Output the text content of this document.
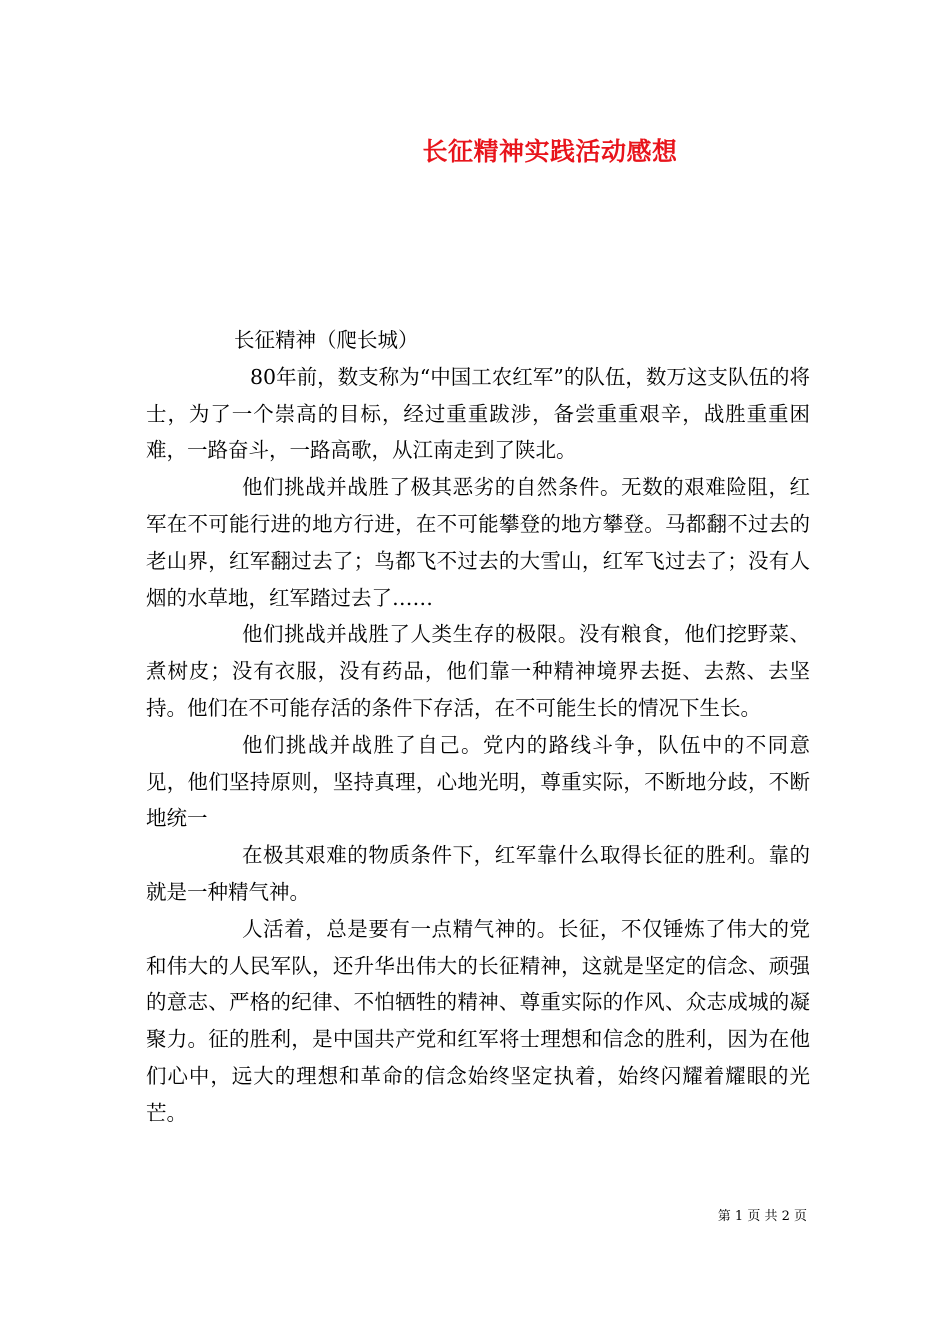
长征精神实践活动感想

长征精神（爬长城）

80年前，数支称为“中国工农红军”的队伍，数万这支队伍的将士，为了一个崇高的目标，经过重重跋涉，备尝重重艰辛，战胜重重困难，一路奋斗，一路高歌，从江南走到了陕北。

他们挑战并战胜了极其恶劣的自然条件。无数的艰难险阻，红军在不可能行进的地方行进，在不可能攀登的地方攀登。马都翻不过去的老山界，红军翻过去了；鸟都飞不过去的大雪山，红军飞过去了；没有人烟的水草地，红军踏过去了……

他们挑战并战胜了人类生存的极限。没有粮食，他们挖野菜、煮树皮；没有衣服，没有药品，他们靠一种精神境界去挺、去熬、去坚持。他们在不可能存活的条件下存活，在不可能生长的情况下生长。

他们挑战并战胜了自己。党内的路线斗争，队伍中的不同意见，他们坚持原则，坚持真理，心地光明，尊重实际，不断地分歧，不断地统一

在极其艰难的物质条件下，红军靠什么取得长征的胜利。靠的就是一种精气神。

人活着，总是要有一点精气神的。长征，不仅锤炼了伟大的党和伟大的人民军队，还升华出伟大的长征精神，这就是坚定的信念、顽强的意志、严格的纪律、不怕牺牲的精神、尊重实际的作风、众志成城的凝聚力。征的胜利，是中国共产党和红军将士理想和信念的胜利，因为在他们心中，远大的理想和革命的信念始终坚定执着，始终闪耀着耀眼的光芒。

第 1 页 共 2 页
